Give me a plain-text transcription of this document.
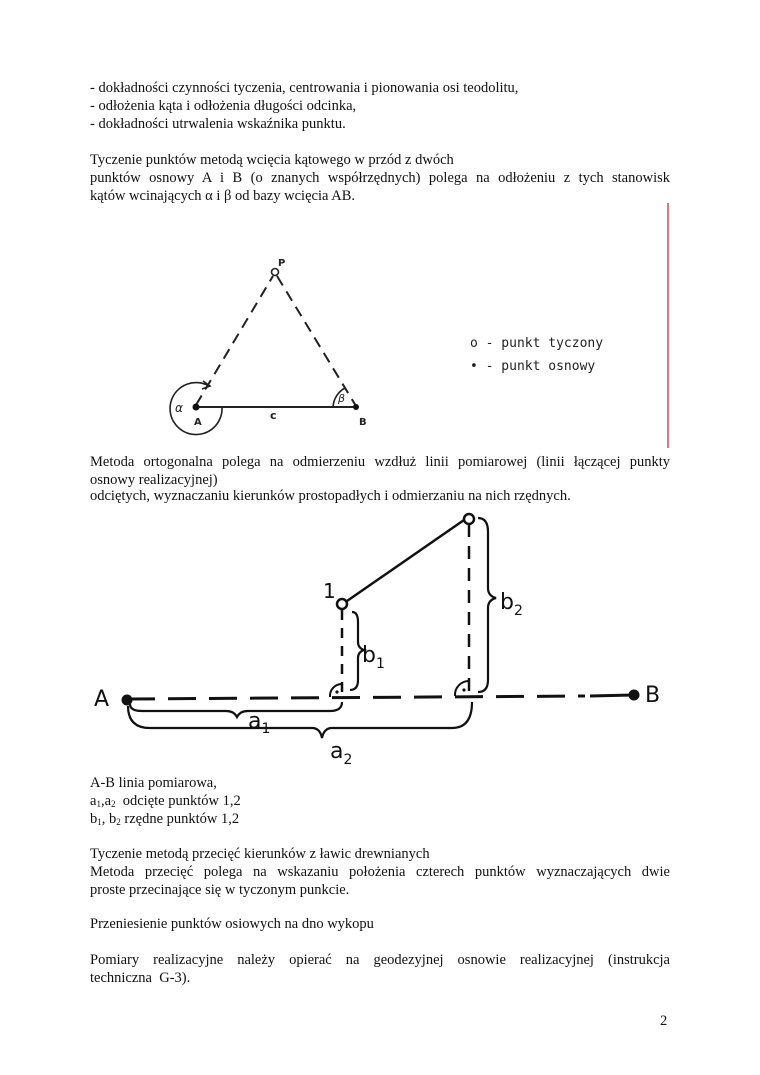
- dokładności czynności tyczenia, centrowania i pionowania osi teodolitu,
- odłożenia kąta i odłożenia długości odcinka,
- dokładności utrwalenia wskaźnika punktu.
Tyczenie punktów metodą wcięcia kątowego w przód z dwóch
punktów osnowy A i B (o znanych współrzędnych) polega na odłożeniu z tych stanowisk
kątów wcinających α i β od bazy wcięcia AB.
P
A	B
c
α
β
o - punkt tyczony
• - punkt osnowy
Metoda ortogonalna polega na odmierzeniu wzdłuż linii pomiarowej (linii łączącej punkty
osnowy realizacyjnej)
odciętych, wyznaczaniu kierunków prostopadłych i odmierzaniu na nich rzędnych.
A	B
1
$b_1$
$b_2$
$a_1$
$a_2$
A-B linia pomiarowa,
$a_1,a_2$  odcięte punktów 1,2
$b_1$, $b_2$ rzędne punktów 1,2
Tyczenie metodą przecięć kierunków z ławic drewnianych
Metoda przecięć polega na wskazaniu położenia czterech punktów wyznaczających dwie
proste przecinające się w tyczonym punkcie.
Przeniesienie punktów osiowych na dno wykopu
Pomiary realizacyjne należy opierać na geodezyjnej osnowie realizacyjnej (instrukcja
techniczna  G-3).
2
